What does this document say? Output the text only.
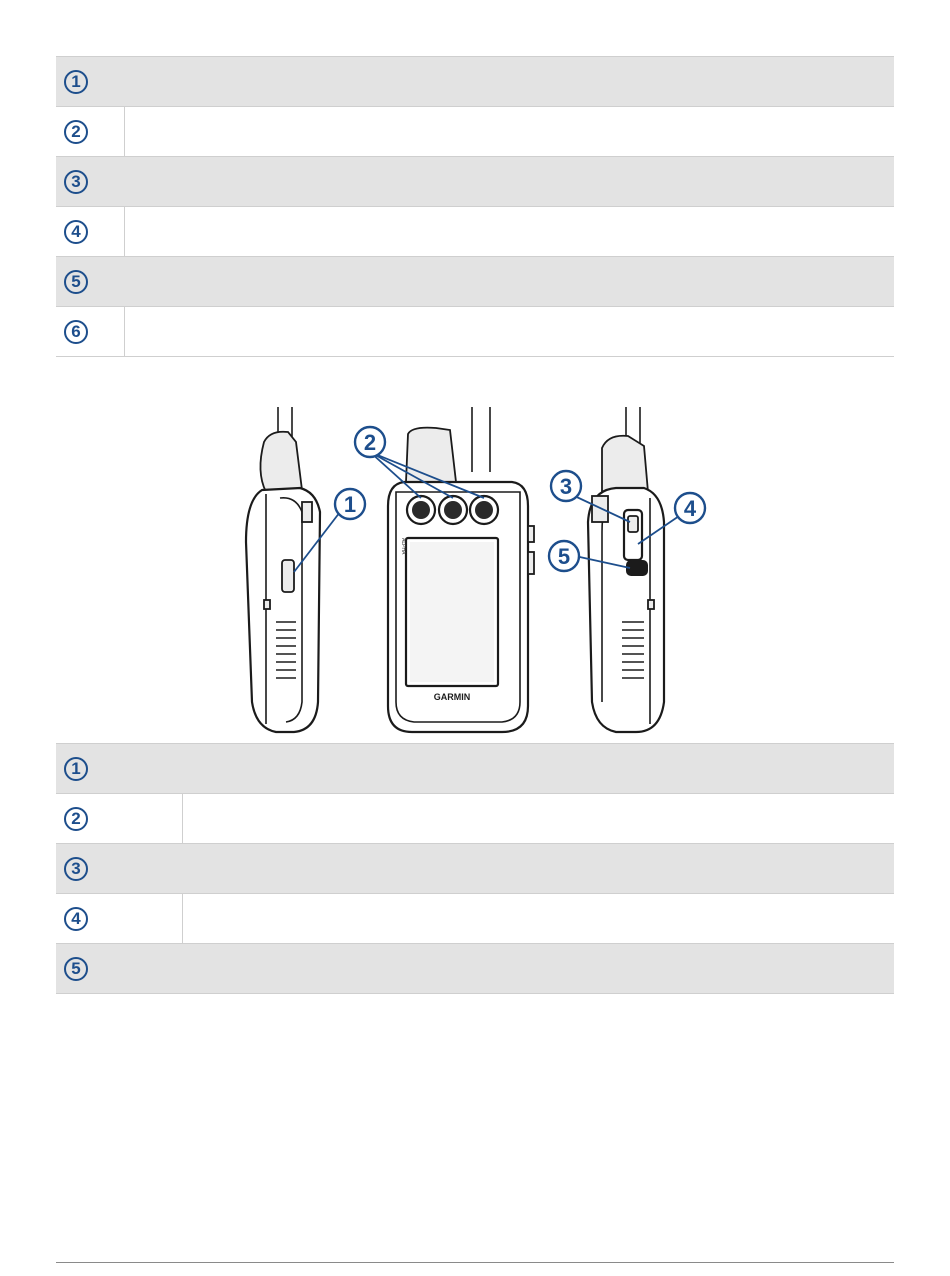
1	
2	
3	
4	
5	
6	
ALPHA
GARMIN
1
2
3
4
5
1	
2	
3	
4	
5	
